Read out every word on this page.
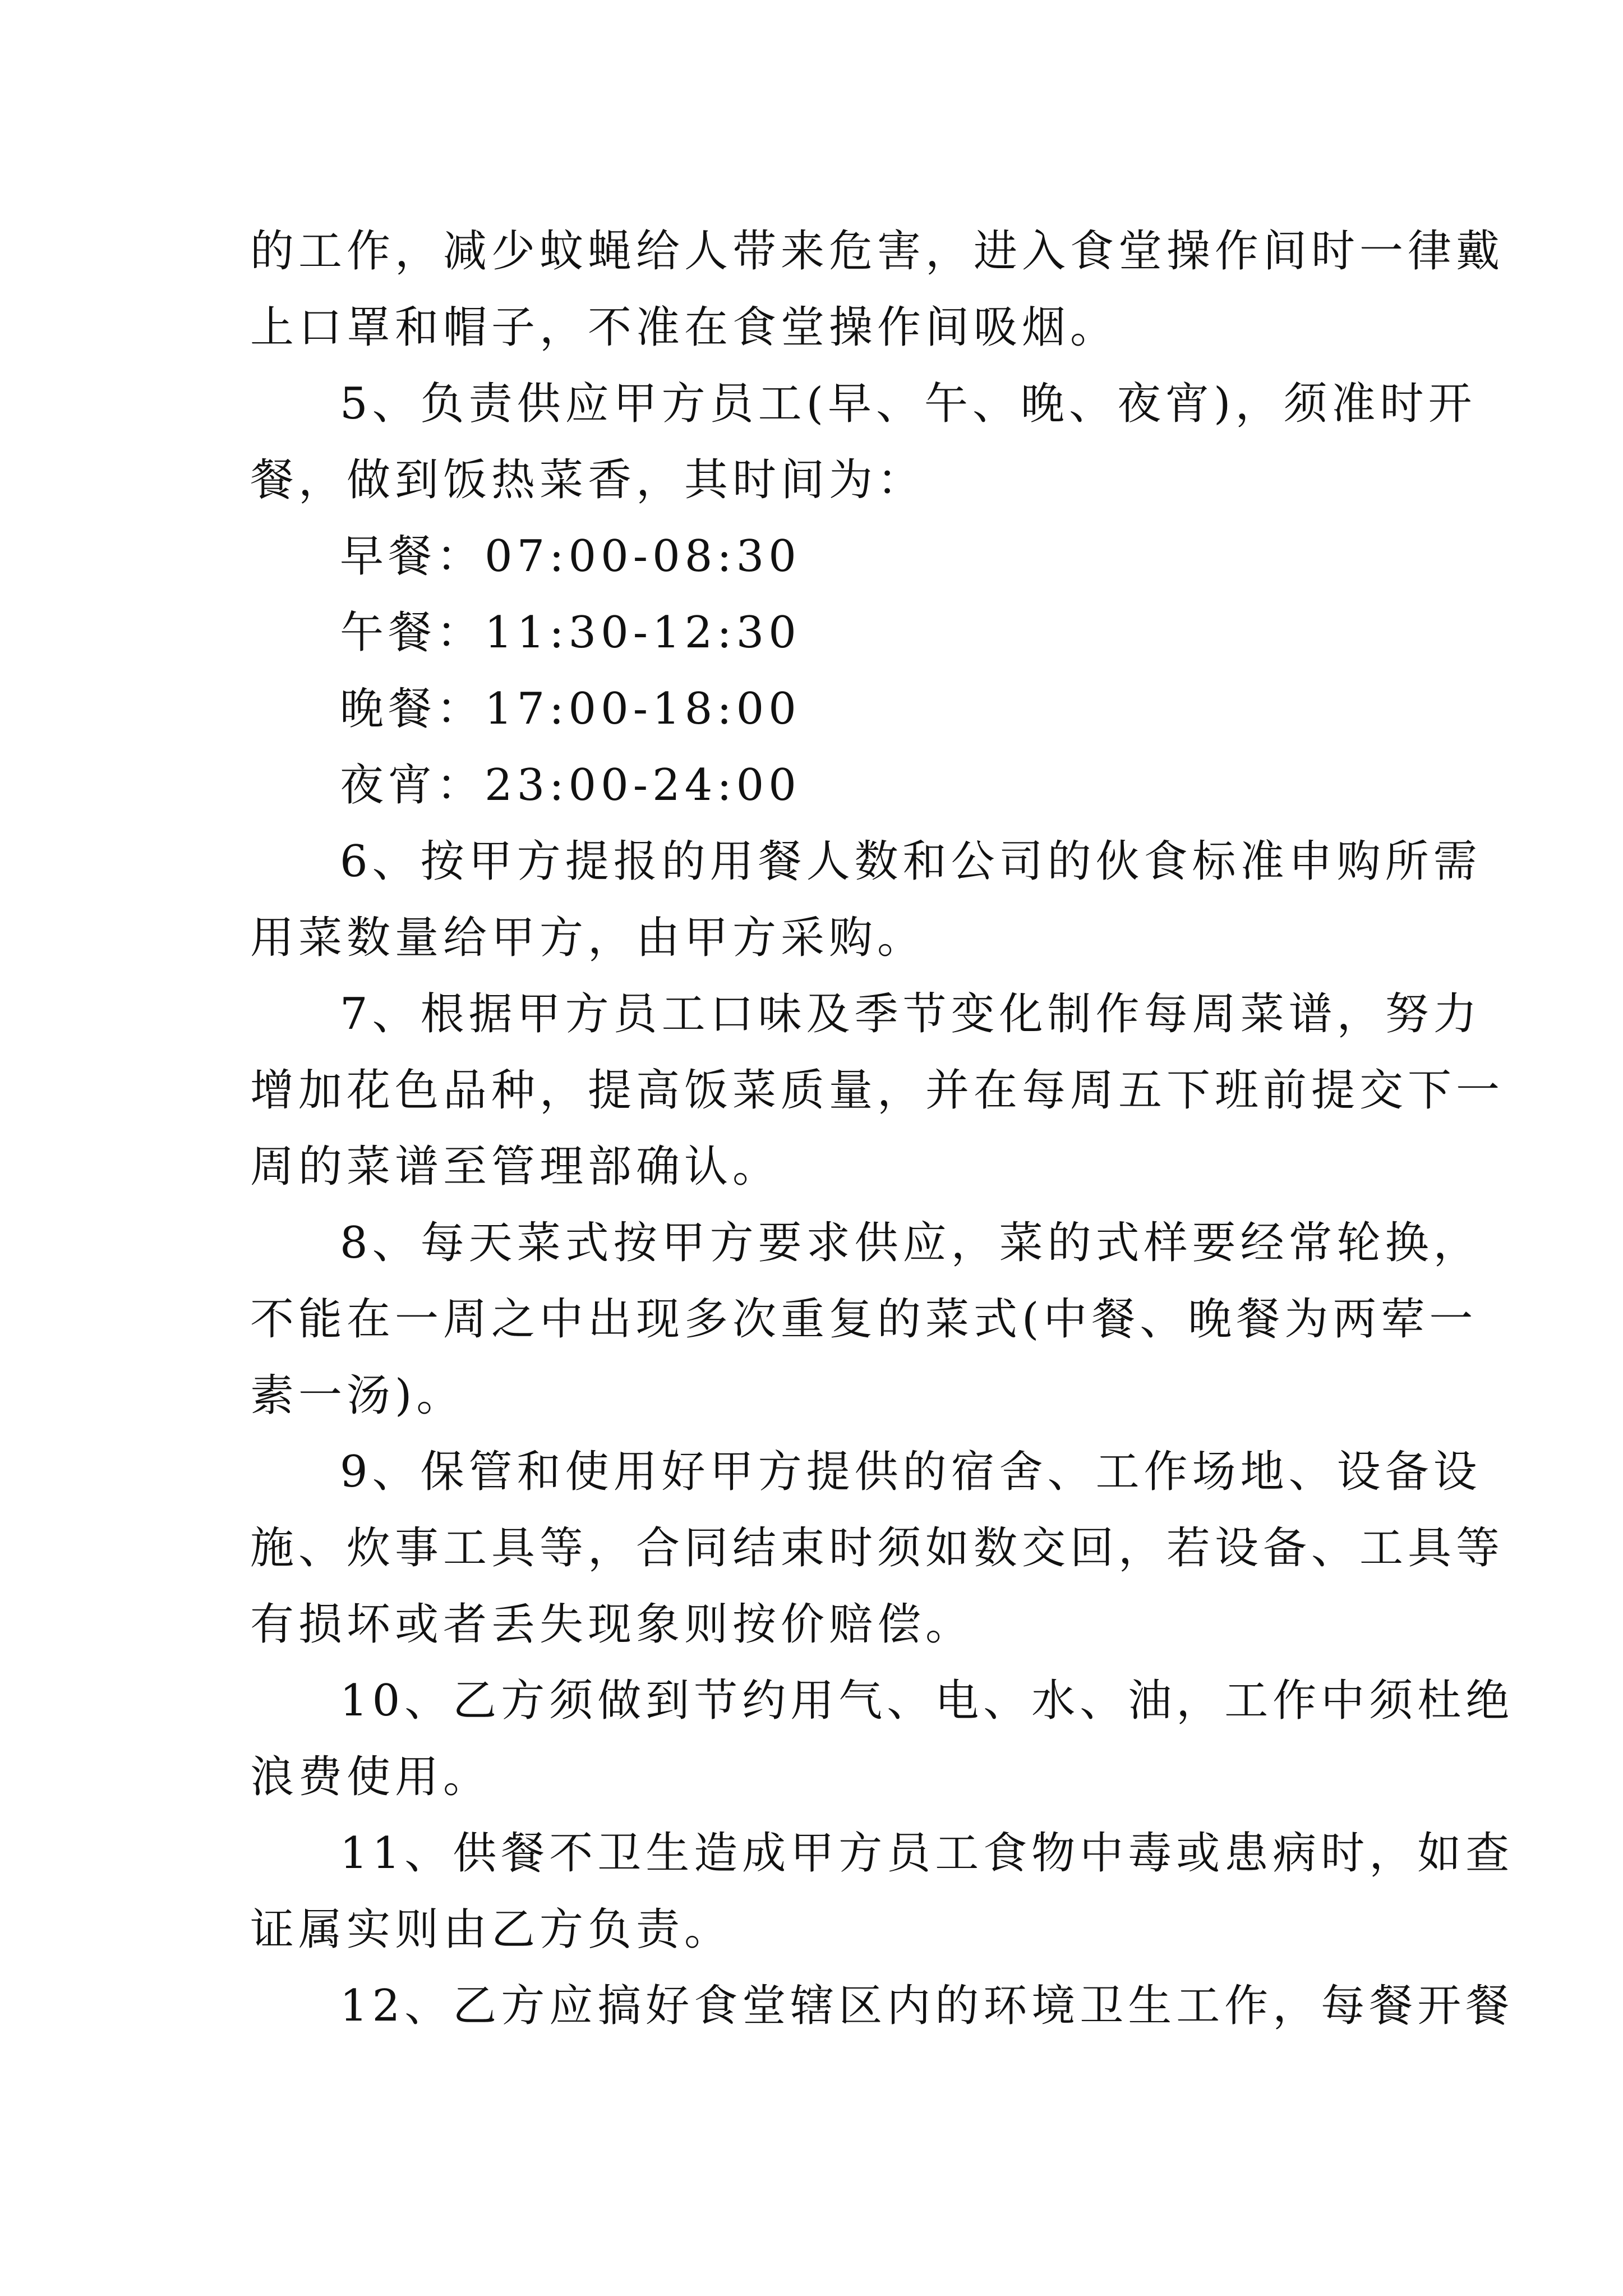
的工作，减少蚊蝇给人带来危害，进入食堂操作间时一律戴
上口罩和帽子，不准在食堂操作间吸烟。
5、负责供应甲方员工(早、午、晚、夜宵)，须准时开
餐，做到饭热菜香，其时间为：
早餐：07:00-08:30
午餐：11:30-12:30
晚餐：17:00-18:00
夜宵：23:00-24:00
6、按甲方提报的用餐人数和公司的伙食标准申购所需
用菜数量给甲方，由甲方采购。
7、根据甲方员工口味及季节变化制作每周菜谱，努力
增加花色品种，提高饭菜质量，并在每周五下班前提交下一
周的菜谱至管理部确认。
8、每天菜式按甲方要求供应，菜的式样要经常轮换，
不能在一周之中出现多次重复的菜式(中餐、晚餐为两荤一
素一汤)。
9、保管和使用好甲方提供的宿舍、工作场地、设备设
施、炊事工具等，合同结束时须如数交回，若设备、工具等
有损坏或者丢失现象则按价赔偿。
10、乙方须做到节约用气、电、水、油，工作中须杜绝
浪费使用。
11、供餐不卫生造成甲方员工食物中毒或患病时，如查
证属实则由乙方负责。
12、乙方应搞好食堂辖区内的环境卫生工作，每餐开餐
